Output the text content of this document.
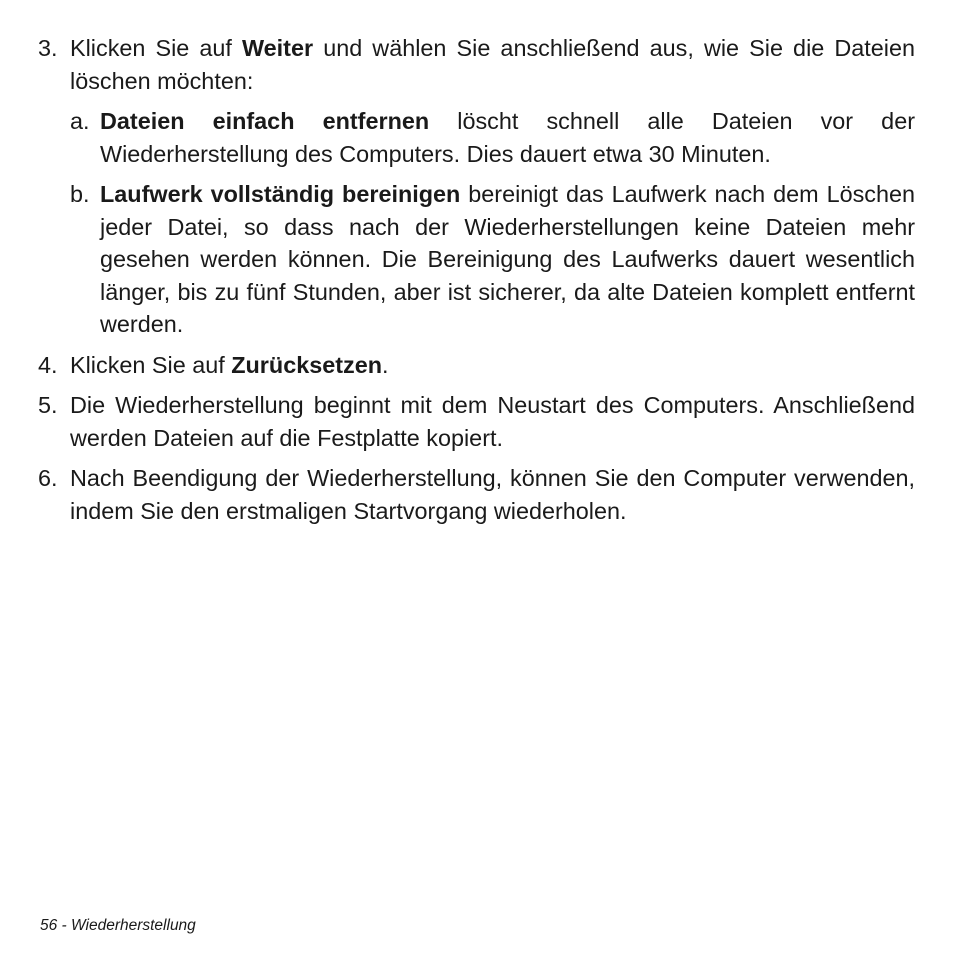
3. Klicken Sie auf Weiter und wählen Sie anschließend aus, wie Sie die Dateien löschen möchten:
a. Dateien einfach entfernen löscht schnell alle Dateien vor der Wiederherstellung des Computers. Dies dauert etwa 30 Minuten.
b. Laufwerk vollständig bereinigen bereinigt das Laufwerk nach dem Löschen jeder Datei, so dass nach der Wiederherstellungen keine Dateien mehr gesehen werden können. Die Bereinigung des Laufwerks dauert wesentlich länger, bis zu fünf Stunden, aber ist sicherer, da alte Dateien komplett entfernt werden.
4. Klicken Sie auf Zurücksetzen.
5. Die Wiederherstellung beginnt mit dem Neustart des Computers. Anschließend werden Dateien auf die Festplatte kopiert.
6. Nach Beendigung der Wiederherstellung, können Sie den Computer verwenden, indem Sie den erstmaligen Startvorgang wiederholen.
56 - Wiederherstellung
